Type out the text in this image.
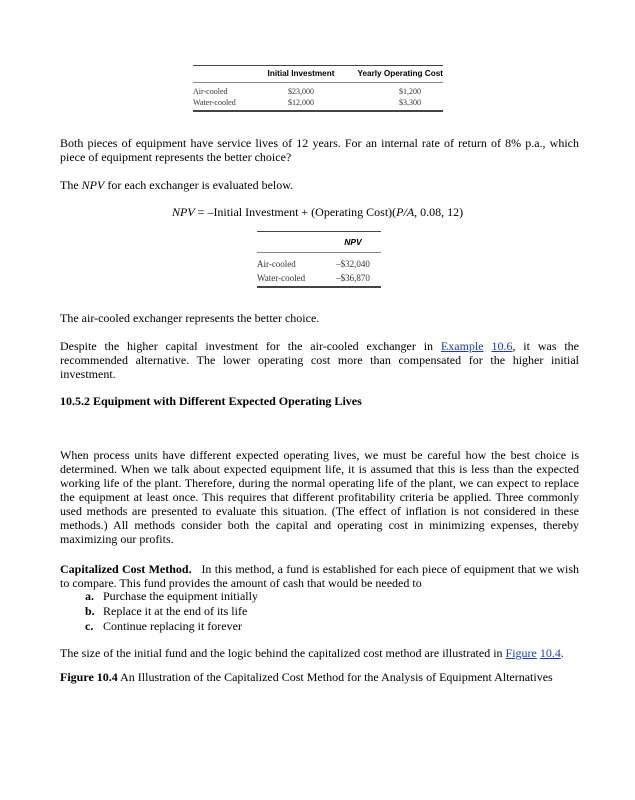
	Initial Investment	Yearly Operating Cost
Air-cooled	$23,000	$1,200
Water-cooled	$12,000	$3,300

Both pieces of equipment have service lives of 12 years. For an internal rate of return of 8% p.a., which piece of equipment represents the better choice?

The NPV for each exchanger is evaluated below.

NPV = –Initial Investment + (Operating Cost)(P/A, 0.08, 12)
	NPV
Air-cooled	–$32,040
Water-cooled	–$36,870

The air-cooled exchanger represents the better choice.

Despite the higher capital investment for the air-cooled exchanger in Example 10.6, it was the recommended alternative. The lower operating cost more than compensated for the higher initial investment.

10.5.2 Equipment with Different Expected Operating Lives

When process units have different expected operating lives, we must be careful how the best choice is determined. When we talk about expected equipment life, it is assumed that this is less than the expected working life of the plant. Therefore, during the normal operating life of the plant, we can expect to replace the equipment at least once. This requires that different profitability criteria be applied. Three commonly used methods are presented to evaluate this situation. (The effect of inflation is not considered in these methods.) All methods consider both the capital and operating cost in minimizing expenses, thereby maximizing our profits.

Capitalized Cost Method. In this method, a fund is established for each piece of equipment that we wish to compare. This fund provides the amount of cash that would be needed to

a. Purchase the equipment initially
b. Replace it at the end of its life
c. Continue replacing it forever

The size of the initial fund and the logic behind the capitalized cost method are illustrated in Figure 10.4.

Figure 10.4 An Illustration of the Capitalized Cost Method for the Analysis of Equipment Alternatives
